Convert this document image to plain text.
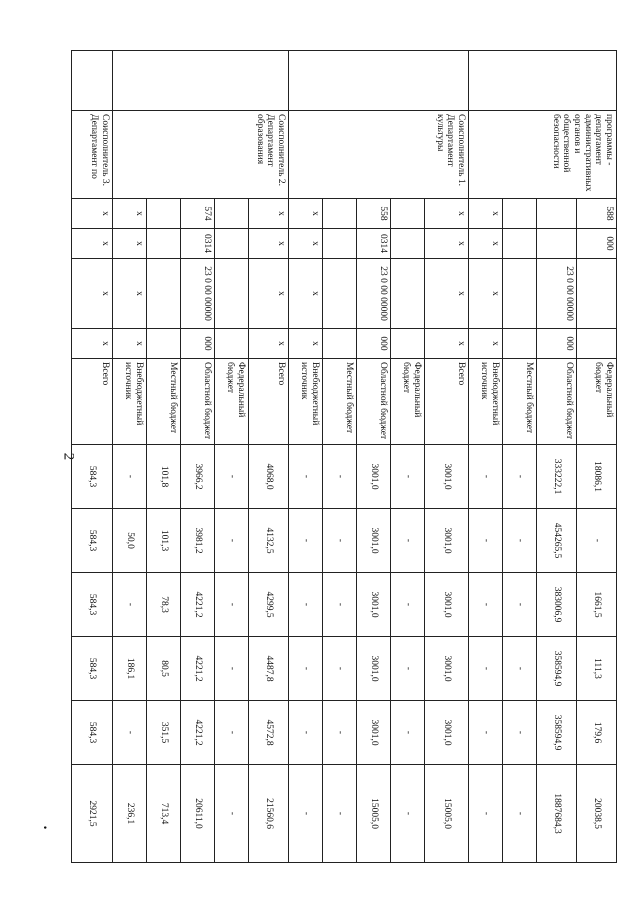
2
	программы - департамент административных органов и общественной безопасности	588	000			Федеральный бюджет	18086,1	-	1661,5	111,3	179,6	20038,5
				23 0 00 00000	000	Областной бюджет	333222,1	454265,5	383006,9	358594,9	358594,9	1887684,3
						Местный бюджет	-	-	-	-	-	-
		x	x	x	x	Внебюджетный источник	-	-	-	-	-	-
	Соисполнитель 1. Департамент культуры	x	x	x	x	Всего	3001,0	3001,0	3001,0	3001,0	3001,0	15005,0
						Федеральный бюджет	-	-	-	-	-	-
		558	0314	23 0 00 00000	000	Областной бюджет	3001,0	3001,0	3001,0	3001,0	3001,0	15005,0
						Местный бюджет	-	-	-	-	-	-
		x	x	x	x	Внебюджетный источник	-	-	-	-	-	-
	Соисполнитель 2. Департамент образования	x	x	x	x	Всего	4068,0	4132,5	4299,5	4487,8	4572,8	21560,6
						Федеральный бюджет	-	-	-	-	-	-
		574	0314	23 0 00 00000	000	Областной бюджет	3966,2	3981,2	4221,2	4221,2	4221,2	20611,0
						Местный бюджет	101,8	101,3	78,3	80,5	351,5	713,4
		x	x	x	x	Внебюджетный источник	-	50,0	-	186,1	-	236,1
	Соисполнитель 3. Департамент по	x	x	x	x	Всего	584,3	584,3	584,3	584,3	584,3	2921,5
•
